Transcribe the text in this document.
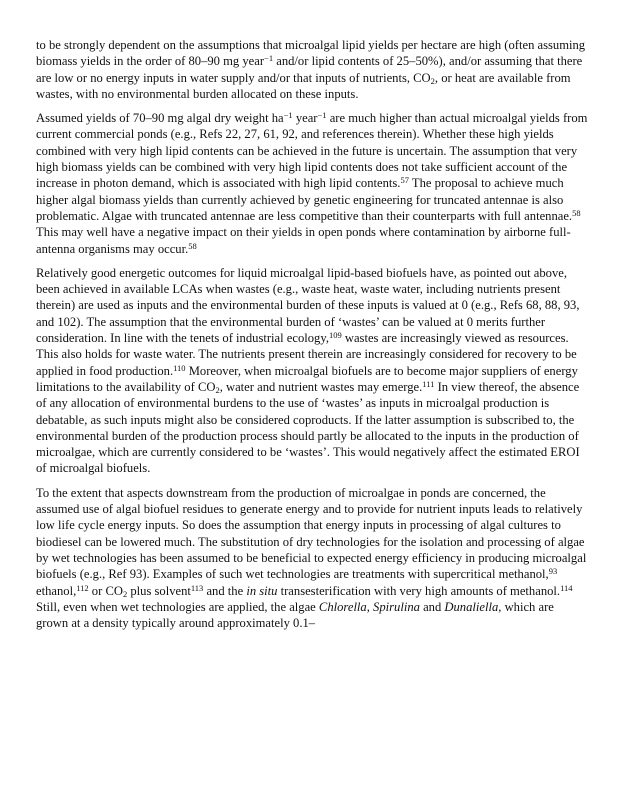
to be strongly dependent on the assumptions that microalgal lipid yields per hectare are high (often assuming biomass yields in the order of 80–90 mg year$^{-1}$ and/or lipid contents of 25–50%), and/or assuming that there are low or no energy inputs in water supply and/or that inputs of nutrients, $CO_2$, or heat are available from wastes, with no environmental burden allocated on these inputs.

Assumed yields of 70–90 mg algal dry weight $ha^{-1}$ year$^{-1}$ are much higher than actual microalgal yields from current commercial ponds (e.g., Refs 22, 27, 61, 92, and references therein). Whether these high yields combined with very high lipid contents can be achieved in the future is uncertain. The assumption that very high biomass yields can be combined with very high lipid contents does not take sufficient account of the increase in photon demand, which is associated with high lipid contents.$^{57}$ The proposal to achieve much higher algal biomass yields than currently achieved by genetic engineering for truncated antennae is also problematic. Algae with truncated antennae are less competitive than their counterparts with full antennae.$^{58}$ This may well have a negative impact on their yields in open ponds where contamination by airborne full-antenna organisms may occur.$^{58}$

Relatively good energetic outcomes for liquid microalgal lipid-based biofuels have, as pointed out above, been achieved in available LCAs when wastes (e.g., waste heat, waste water, including nutrients present therein) are used as inputs and the environmental burden of these inputs is valued at 0 (e.g., Refs 68, 88, 93, and 102). The assumption that the environmental burden of ‘wastes’ can be valued at 0 merits further consideration. In line with the tenets of industrial ecology,$^{109}$ wastes are increasingly viewed as resources. This also holds for waste water. The nutrients present therein are increasingly considered for recovery to be applied in food production.$^{110}$ Moreover, when microalgal biofuels are to become major suppliers of energy limitations to the availability of $CO_2$, water and nutrient wastes may emerge.$^{111}$ In view thereof, the absence of any allocation of environmental burdens to the use of ‘wastes’ as inputs in microalgal production is debatable, as such inputs might also be considered coproducts. If the latter assumption is subscribed to, the environmental burden of the production process should partly be allocated to the inputs in the production of microalgae, which are currently considered to be ‘wastes’. This would negatively affect the estimated EROI of microalgal biofuels.

To the extent that aspects downstream from the production of microalgae in ponds are concerned, the assumed use of algal biofuel residues to generate energy and to provide for nutrient inputs leads to relatively low life cycle energy inputs. So does the assumption that energy inputs in processing of algal cultures to biodiesel can be lowered much. The substitution of dry technologies for the isolation and processing of algae by wet technologies has been assumed to be beneficial to expected energy efficiency in producing microalgal biofuels (e.g., Ref 93). Examples of such wet technologies are treatments with supercritical methanol,$^{93}$ ethanol,$^{112}$ or $CO_2$ plus solvent$^{113}$ and the in situ transesterification with very high amounts of methanol.$^{114}$ Still, even when wet technologies are applied, the algae Chlorella, Spirulina and Dunaliella, which are grown at a density typically around approximately 0.1–
